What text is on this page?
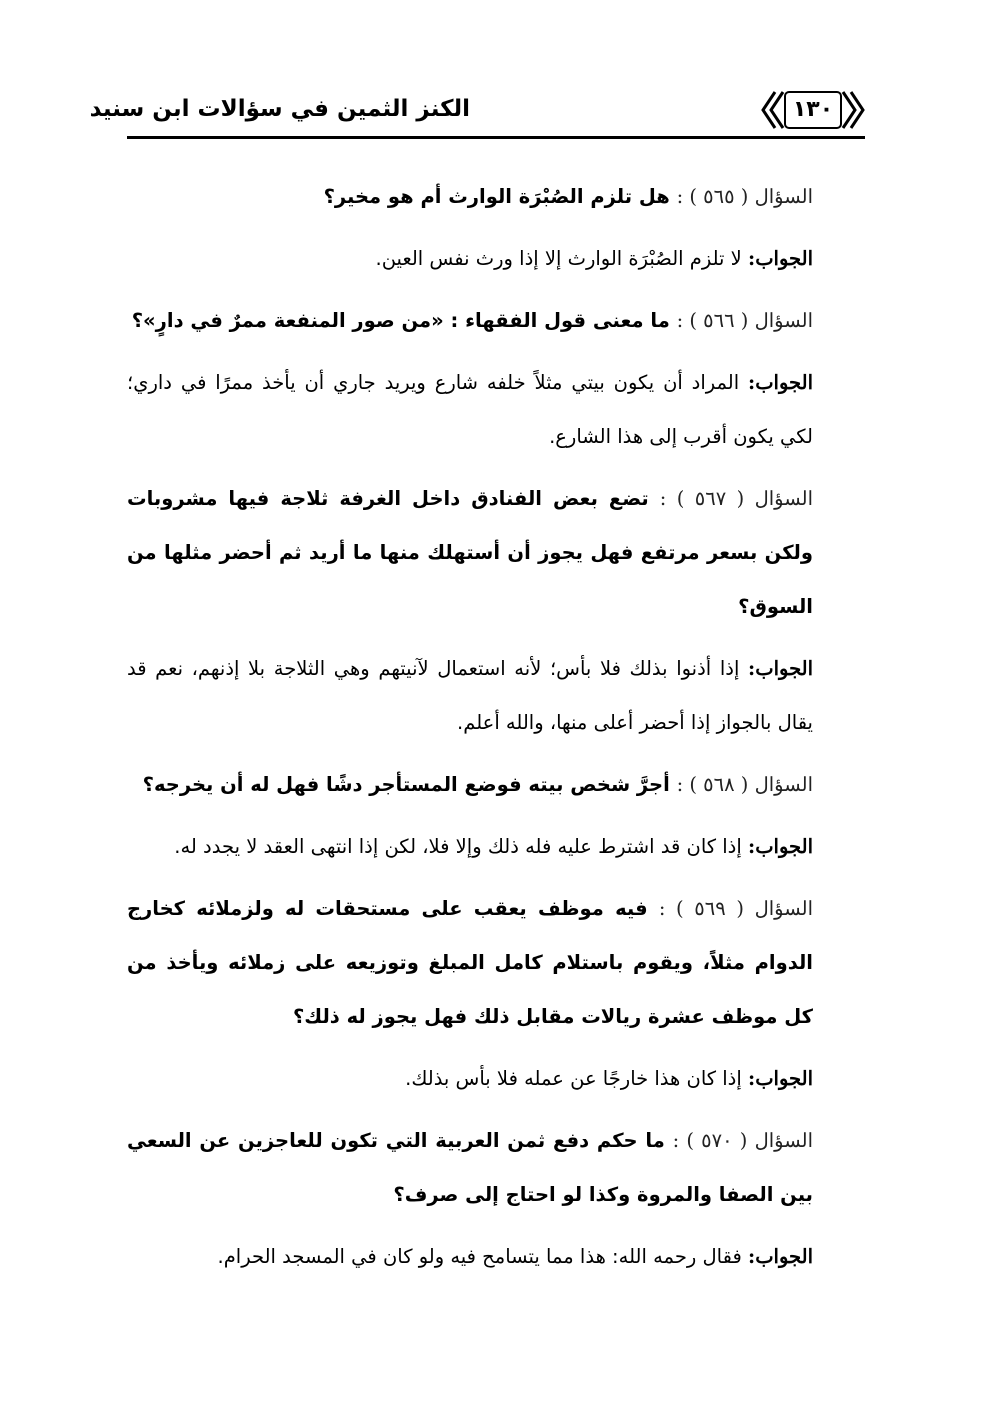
الكنز الثمين في سؤالات ابن سنيد	١٣٠

السؤال ( ٥٦٥ ) : هل تلزم الصُبْرَة الوارث أم هو مخير؟

الجواب: لا تلزم الصُبْرَة الوارث إلا إذا ورث نفس العين.

السؤال ( ٥٦٦ ) : ما معنى قول الفقهاء : «من صور المنفعة ممرٌ في دارٍ»؟

الجواب: المراد أن يكون بيتي مثلاً خلفه شارع ويريد جاري أن يأخذ ممرًا في داري؛ لكي يكون أقرب إلى هذا الشارع.

السؤال ( ٥٦٧ ) : تضع بعض الفنادق داخل الغرفة ثلاجة فيها مشروبات ولكن بسعر مرتفع فهل يجوز أن أستهلك منها ما أريد ثم أحضر مثلها من السوق؟

الجواب: إذا أذنوا بذلك فلا بأس؛ لأنه استعمال لآنيتهم وهي الثلاجة بلا إذنهم، نعم قد يقال بالجواز إذا أحضر أعلى منها، والله أعلم.

السؤال ( ٥٦٨ ) : أجرَّ شخص بيته فوضع المستأجر دشًا فهل له أن يخرجه؟

الجواب: إذا كان قد اشترط عليه فله ذلك وإلا فلا، لكن إذا انتهى العقد لا يجدد له.

السؤال ( ٥٦٩ ) : فيه موظف يعقب على مستحقات له ولزملائه كخارج الدوام مثلاً، ويقوم باستلام كامل المبلغ وتوزيعه على زملائه ويأخذ من كل موظف عشرة ريالات مقابل ذلك فهل يجوز له ذلك؟

الجواب: إذا كان هذا خارجًا عن عمله فلا بأس بذلك.

السؤال ( ٥٧٠ ) : ما حكم دفع ثمن العربية التي تكون للعاجزين عن السعي بين الصفا والمروة وكذا لو احتاج إلى صرف؟

الجواب: فقال رحمه الله: هذا مما يتسامح فيه ولو كان في المسجد الحرام.
